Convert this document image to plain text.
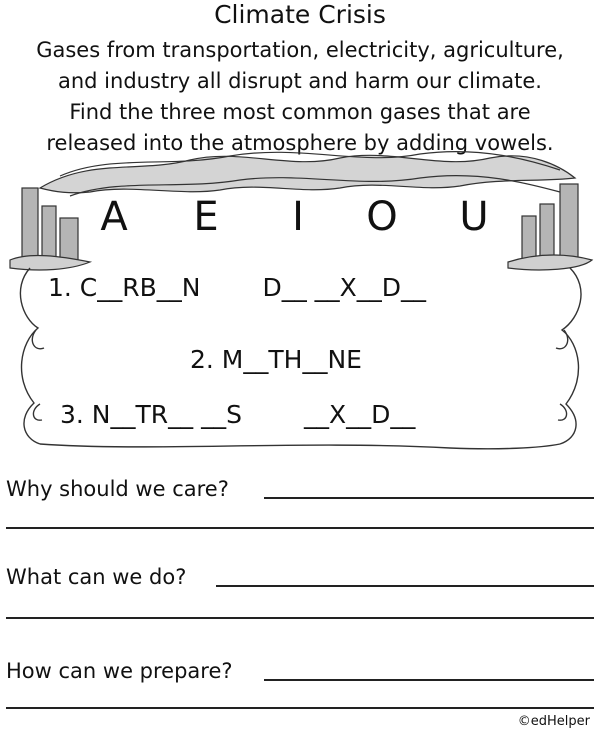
Climate Crisis
Gases from transportation, electricity, agriculture,
and industry all disrupt and harm our climate.
Find the three most common gases that are
released into the atmosphere by adding vowels.
A E I O U
1. C__RB__N D__ __X__D__
2. M__TH__NE
3. N__TR__ __S __X__D__
Why should we care?
What can we do?
How can we prepare?
©edHelper
